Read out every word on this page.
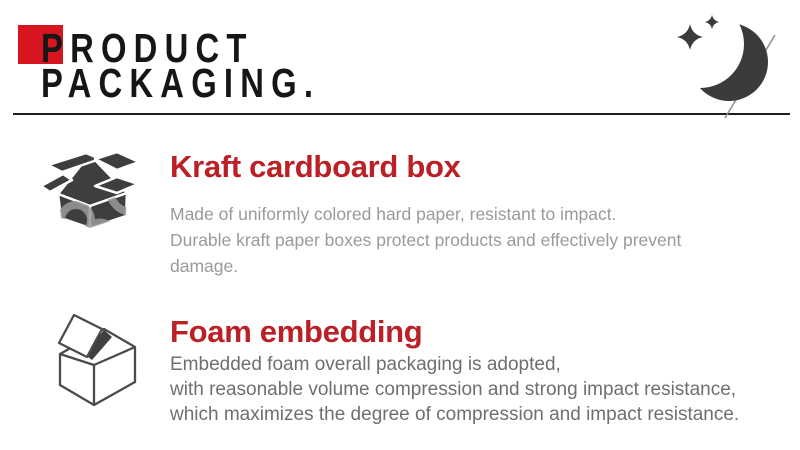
PRODUCT
PACKAGING.
Kraft cardboard box
Made of uniformly colored hard paper, resistant to impact.
Durable kraft paper boxes protect products and effectively prevent
damage.
Foam embedding
Embedded foam overall packaging is adopted,
with reasonable volume compression and strong impact resistance,
which maximizes the degree of compression and impact resistance.
